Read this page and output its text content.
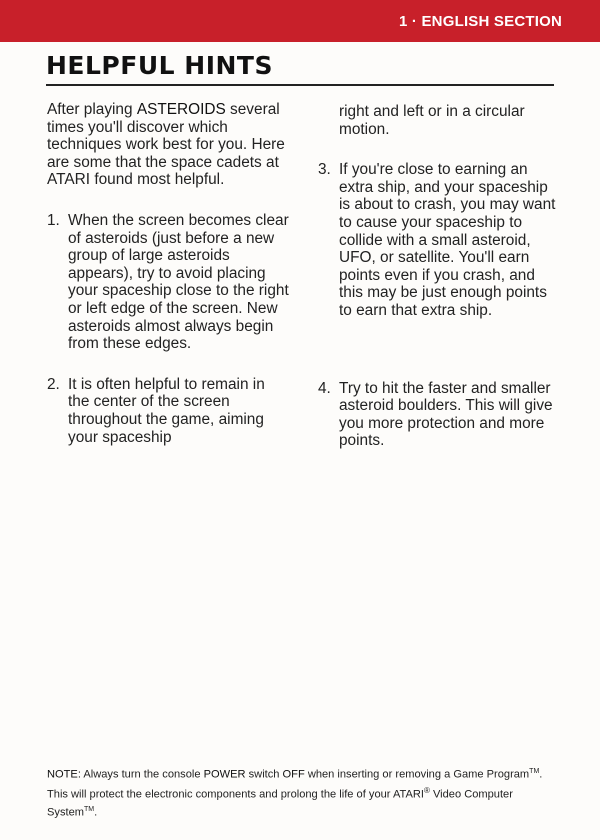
1 · ENGLISH SECTION
HELPFUL HINTS

After playing ASTEROIDS several times you'll discover which techniques work best for you. Here are some that the space cadets at ATARI found most helpful.

1. When the screen becomes clear of asteroids (just before a new group of large asteroids appears), try to avoid placing your spaceship close to the right or left edge of the screen. New asteroids almost always begin from these edges.
2. It is often helpful to remain in the center of the screen throughout the game, aiming your spaceship
right and left or in a circular motion.
3. If you're close to earning an extra ship, and your spaceship is about to crash, you may want to cause your spaceship to collide with a small asteroid, UFO, or satellite. You'll earn points even if you crash, and this may be just enough points to earn that extra ship.
4. Try to hit the faster and smaller asteroid boulders. This will give you more protection and more points.
NOTE: Always turn the console POWER switch OFF when inserting or removing a Game Program™. This will protect the electronic components and prolong the life of your ATARI® Video Computer System™.
